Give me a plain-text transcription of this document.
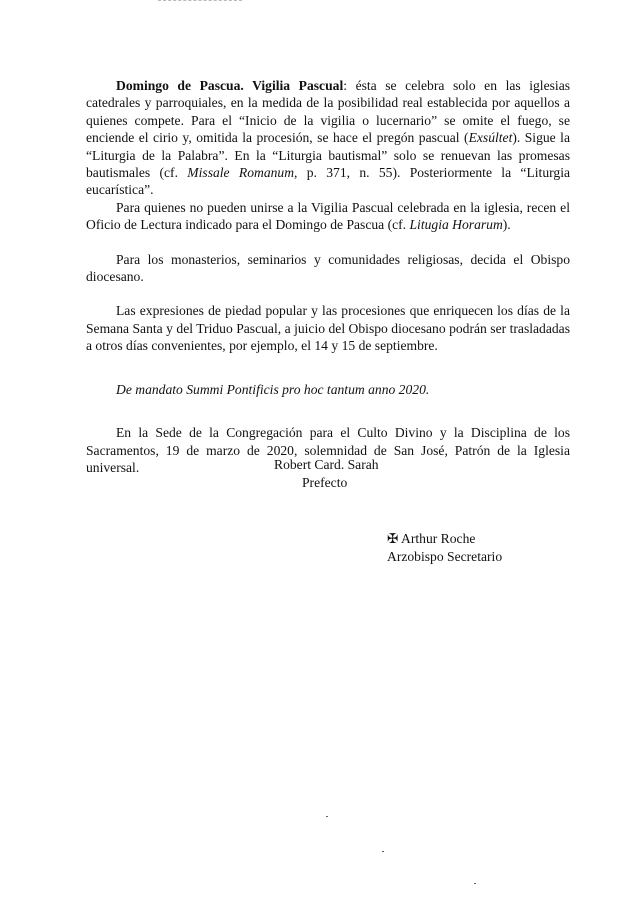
Domingo de Pascua. Vigilia Pascual: ésta se celebra solo en las iglesias catedrales y parroquiales, en la medida de la posibilidad real establecida por aquellos a quienes compete. Para el “Inicio de la vigilia o lucernario” se omite el fuego, se enciende el cirio y, omitida la procesión, se hace el pregón pascual (Exsúltet). Sigue la “Liturgia de la Palabra”. En la “Liturgia bautismal” solo se renuevan las promesas bautismales (cf. Missale Romanum, p. 371, n. 55). Posteriormente la “Liturgia eucarística”.

Para quienes no pueden unirse a la Vigilia Pascual celebrada en la iglesia, recen el Oficio de Lectura indicado para el Domingo de Pascua (cf. Litugia Horarum).

Para los monasterios, seminarios y comunidades religiosas, decida el Obispo diocesano.

Las expresiones de piedad popular y las procesiones que enriquecen los días de la Semana Santa y del Triduo Pascual, a juicio del Obispo diocesano podrán ser trasladadas a otros días convenientes, por ejemplo, el 14 y 15 de septiembre.

De mandato Summi Pontificis pro hoc tantum anno 2020.

En la Sede de la Congregación para el Culto Divino y la Disciplina de los Sacramentos, 19 de marzo de 2020, solemnidad de San José, Patrón de la Iglesia universal.	Robert Card. Sarah
Prefecto
✠ Arthur Roche
Arzobispo Secretario
